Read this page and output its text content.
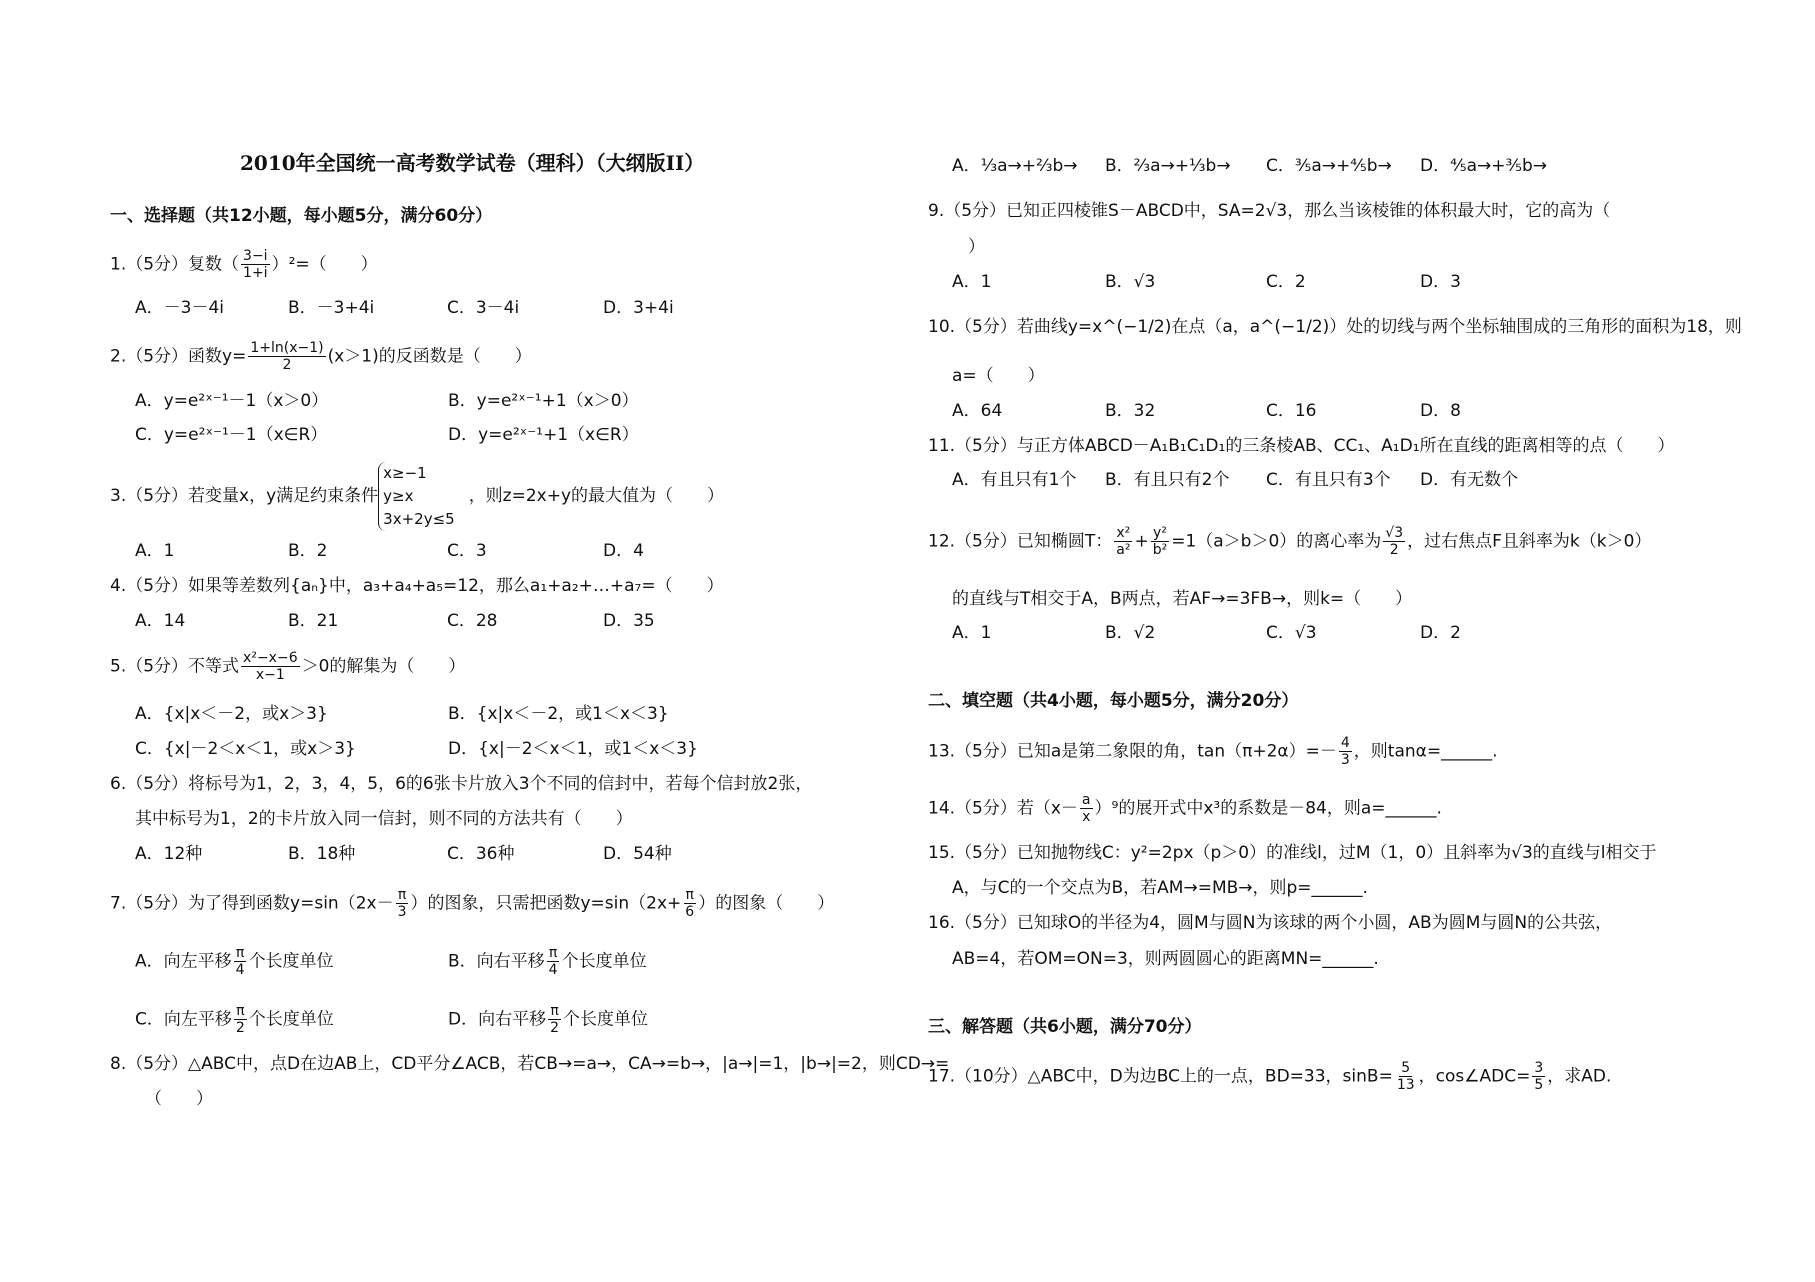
2010年全国统一高考数学试卷（理科）（大纲版II）
一、选择题（共12小题，每小题5分，满分60分）
1.（5分）复数（ $\frac{3-i}{1+i} )^2=$（　　）
A．－3－4i	B．－3+4i	C．3－4i	D．3+4i
2.（5分）函数$y= \frac{1+\ln(x-1)}{2} (x>1)$的反函数是（　　）
A．y=e²ˣ⁻¹－1（x＞0）	B．y=e²ˣ⁻¹+1（x＞0）
C．y=e²ˣ⁻¹－1（x∈R）	D．y=e²ˣ⁻¹+1（x∈R）
3.（5分）若变量x，y满足约束条件
x≥−1
y≥x
3x+2y≤5
，则z=2x+y的最大值为（　　）
A．1	B．2	C．3	D．4
4.（5分）如果等差数列{aₙ}中，a₃+a₄+a₅=12，那么a₁+a₂+…+a₇=（　　）
A．14	B．21	C．28	D．35
5.（5分）不等式 $\frac{\text{x²−x−6}}{x-1} >0$的解集为（　　）
A．{x|x＜－2，或x＞3}	B．{x|x＜－2，或1＜x＜3}
C．{x|－2＜x＜1，或x＞3}	D．{x|－2＜x＜1，或1＜x＜3}
6.（5分）将标号为1，2，3，4，5，6的6张卡片放入3个不同的信封中，若每个信封放2张，
其中标号为1，2的卡片放入同一信封，则不同的方法共有（　　）
A．12种	B．18种	C．36种	D．54种
7.（5分）为了得到函数$y=\sin(2x- \frac{\pi}{3}$ ）的图象，只需把函数$y=\sin(2x+ \frac{\pi}{6}$ ）的图象（　　）
A．向左平移 $\frac{\pi}{4}$ 个长度单位	B．向右平移 $\frac{\pi}{4}$ 个长度单位
C．向左平移 $\frac{\pi}{2}$ 个长度单位	D．向右平移 $\frac{\pi}{2}$ 个长度单位
8.（5分）△ABC中，点D在边AB上，CD平分∠ACB，若CB→=a→，CA→=b→，|a→|=1，|b→|=2，则CD→=
（　　）
A．⅓a→+⅔b→ B．⅔a→+⅓b→ C．⅗a→+⅘b→ D．⅘a→+⅗b→
9.（5分）已知正四棱锥S－ABCD中，SA=2√3，那么当该棱锥的体积最大时，它的高为（
）
A．1	B．√3	C．2	D．3
10.（5分）若曲线y=x^(−1/2)在点（a，a^(−1/2)）处的切线与两个坐标轴围成的三角形的面积为18，则
a=（　　）
A．64	B．32	C．16	D．8
11.（5分）与正方体ABCD－A₁B₁C₁D₁的三条棱AB、CC₁、A₁D₁所在直线的距离相等的点（　　）
A．有且只有1个 B．有且只有2个 C．有且只有3个 D．有无数个
12.（5分）已知椭圆T： $\frac{\text{x²}}{\text{a²}} + \frac{\text{y²}}{\text{b²}} =1(a>b>0)$的离心率为 $\frac{√3}{2}$ ，过右焦点F且斜率为k（k＞0）
的直线与T相交于A，B两点，若AF→=3FB→，则k=（　　）
A．1	B．√2	C．√3	D．2
二、填空题（共4小题，每小题5分，满分20分）
13.（5分）已知a是第二象限的角，$\tan(\pi+2\alpha)=- \frac{4}{3}$ ，则tanα=______.
14.（5分）若$(x- \frac{a}{x} )^9$的展开式中x³的系数是－84，则a=______.
15.（5分）已知抛物线C：y²=2px（p＞0）的准线l，过M（1，0）且斜率为√3的直线与l相交于
A，与C的一个交点为B，若AM→=MB→，则p=______.
16.（5分）已知球O的半径为4，圆M与圆N为该球的两个小圆，AB为圆M与圆N的公共弦，
AB=4，若OM=ON=3，则两圆圆心的距离MN=______.
三、解答题（共6小题，满分70分）
17.（10分）△ABC中，D为边BC上的一点，BD=33，$\sin B= \frac{5}{13}$ ，cos∠ADC= $\frac{3}{5}$ ，求AD.
